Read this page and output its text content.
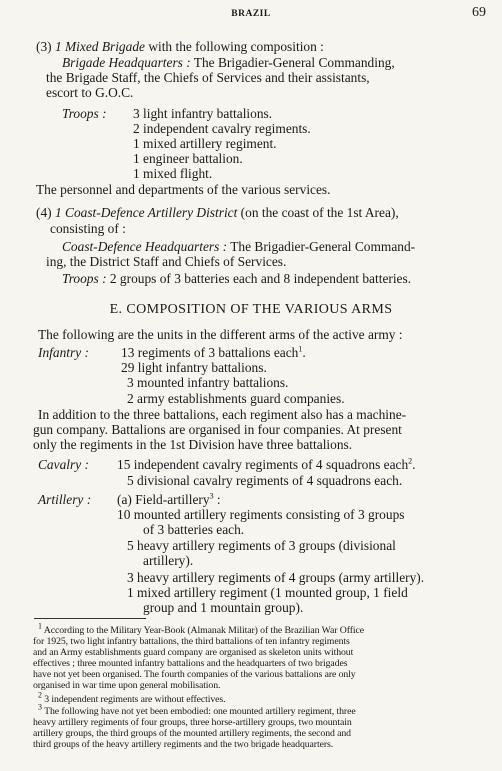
BRAZIL	69
(3) 1 Mixed Brigade with the following composition :
Brigade Headquarters : The Brigadier-General Commanding,
the Brigade Staff, the Chiefs of Services and their assistants,
escort to G.O.C.
Troops : 3 light infantry battalions.
2 independent cavalry regiments.
1 mixed artillery regiment.
1 engineer battalion.
1 mixed flight.
The personnel and departments of the various services.
(4) 1 Coast-Defence Artillery District (on the coast of the 1st Area),
consisting of :
Coast-Defence Headquarters : The Brigadier-General Command-
ing, the District Staff and Chiefs of Services.
Troops : 2 groups of 3 batteries each and 8 independent batteries.
E. COMPOSITION OF THE VARIOUS ARMS
The following are the units in the different arms of the active army :
Infantry : 13 regiments of 3 battalions each$^1$.
29 light infantry battalions.
3 mounted infantry battalions.
2 army establishments guard companies.
In addition to the three battalions, each regiment also has a machine-
gun company. Battalions are organised in four companies. At present
only the regiments in the 1st Division have three battalions.
Cavalry : 15 independent cavalry regiments of 4 squadrons each$^2$.
5 divisional cavalry regiments of 4 squadrons each.
Artillery : (a) Field-artillery$^3$ :
10 mounted artillery regiments consisting of 3 groups
of 3 batteries each.
5 heavy artillery regiments of 3 groups (divisional
artillery).
3 heavy artillery regiments of 4 groups (army artillery).
1 mixed artillery regiment (1 mounted group, 1 field
group and 1 mountain group).
$^1$ According to the Military Year-Book (Almanak Militar) of the Brazilian War Office
for 1925, two light infantry battalions, the third battalions of ten infantry regiments
and an Army establishments guard company are organised as skeleton units without
effectives ; three mounted infantry battalions and the headquarters of two brigades
have not yet been organised. The fourth companies of the various battalions are only
organised in war time upon general mobilisation.
$^2$ 3 independent regiments are without effectives.
$^3$ The following have not yet been embodied: one mounted artillery regiment, three
heavy artillery regiments of four groups, three horse-artillery groups, two mountain
artillery groups, the third groups of the mounted artillery regiments, the second and
third groups of the heavy artillery regiments and the two brigade headquarters.
